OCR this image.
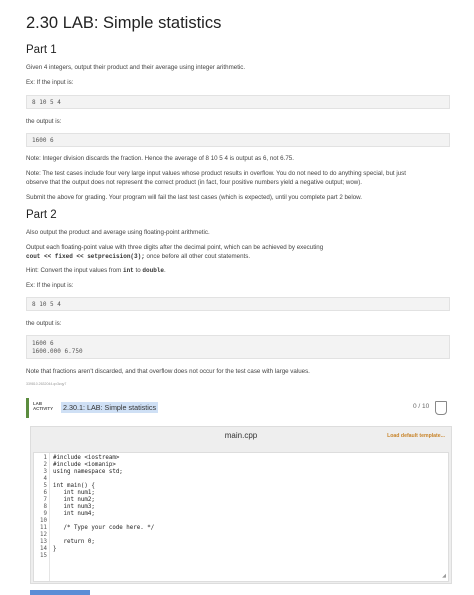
2.30 LAB: Simple statistics
Part 1

Given 4 integers, output their product and their average using integer arithmetic.

Ex: If the input is:

8 10 5 4

the output is:

1600 6

Note: Integer division discards the fraction. Hence the average of 8 10 5 4 is output as 6, not 6.75.

Note: The test cases include four very large input values whose product results in overflow. You do not need to do anything special, but just

observe that the output does not represent the correct product (in fact, four positive numbers yield a negative output; wow).

Submit the above for grading. Your program will fail the last test cases (which is expected), until you complete part 2 below.

Part 2

Also output the product and average using floating-point arithmetic.

Output each floating-point value with three digits after the decimal point, which can be achieved by executing

cout << fixed << setprecision(3); once before all other cout statements.

Hint: Convert the input values from int to double.

Ex: If the input is:

8 10 5 4

the output is:

1600 6
1600.000 6.750

Note that fractions aren't discarded, and that overflow does not occur for the test case with large values.

339810.2632044.qx3zqy7
LAB
ACTIVITY 2.30.1: LAB: Simple statistics	0 / 10
main.cpp	Load default template...
1
2
3
4
5
6
7
8
9
10
11
12
13
14
15
#include <iostream>
#include <iomanip>
using namespace std;

int main() {
int num1;
int num2;
int num3;
int num4;

/* Type your code here. */

return 0;
}

◢
